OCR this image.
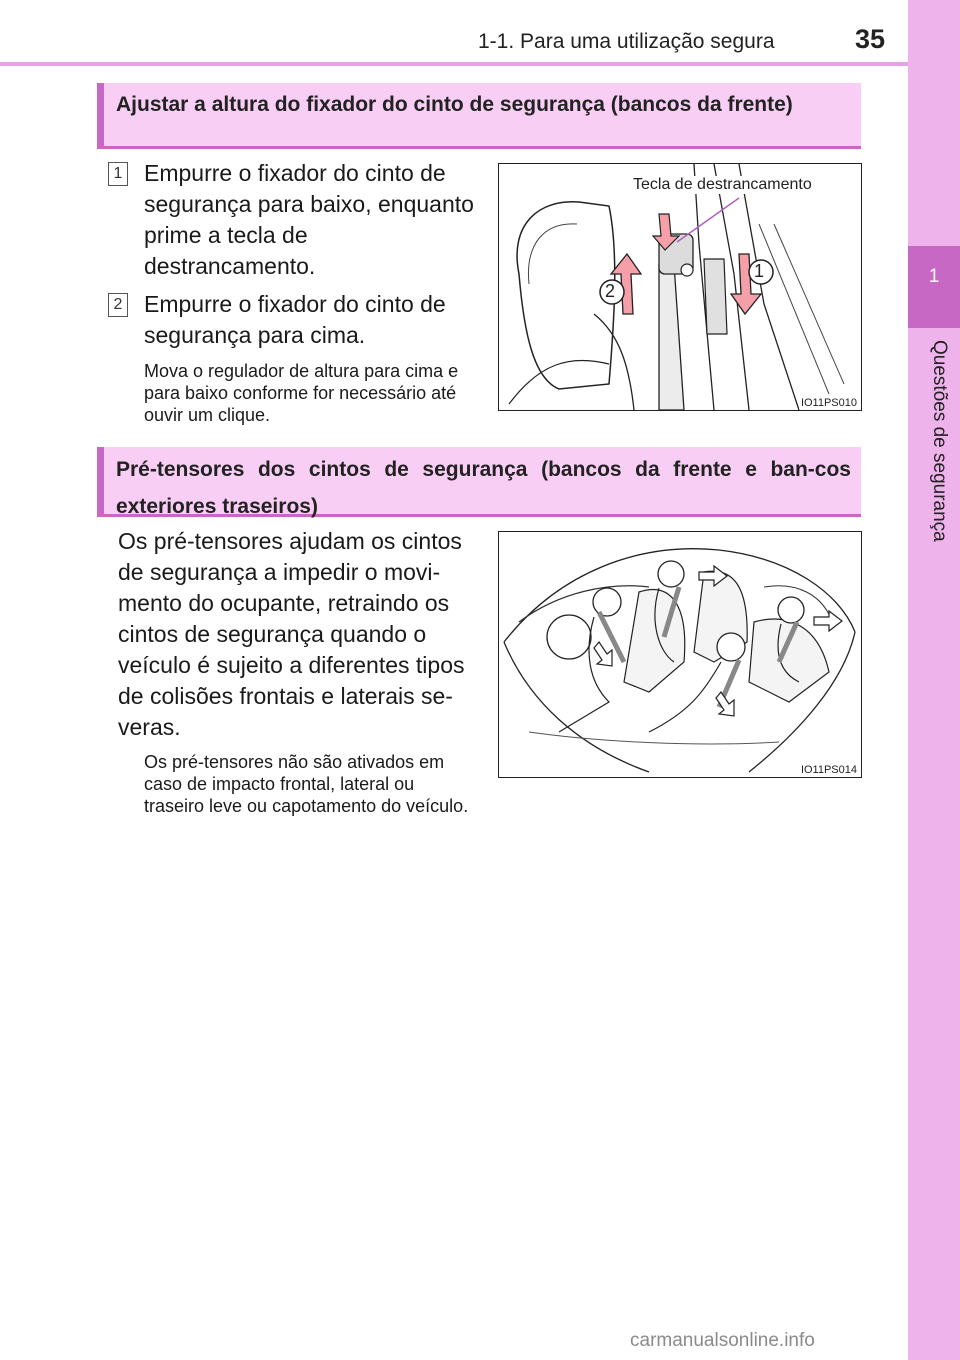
1-1. Para uma utilização segura	35
1
Questões de segurança
Ajustar a altura do fixador do cinto de segurança (bancos da frente)
1 Empurre o fixador do cinto de segurança para baixo, enquanto prime a tecla de destrancamento.
2 Empurre o fixador do cinto de segurança para cima.
Mova o regulador de altura para cima e para baixo conforme for necessário até ouvir um clique.
Tecla de destrancamento
1
2
IO11PS010
Pré-tensores dos cintos de segurança (bancos da frente e ban-cos exteriores traseiros)
Os pré-tensores ajudam os cintos de segurança a impedir o movi-mento do ocupante, retraindo os cintos de segurança quando o veículo é sujeito a diferentes tipos de colisões frontais e laterais se-veras.
Os pré-tensores não são ativados em caso de impacto frontal, lateral ou traseiro leve ou capotamento do veículo.
IO11PS014
carmanualsonline.info
